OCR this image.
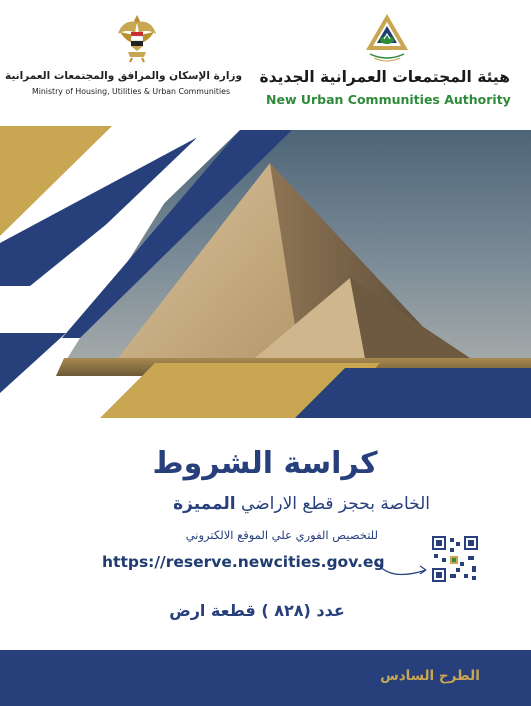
وزارة الإسكان والمرافق والمجتمعات العمرانية
Ministry of Housing, Utilities & Urban Communities
هيئة المجتمعات العمرانية الجديدة
New Urban Communities Authority
كراسة الشروط
الخاصة بحجز قطع الاراضي المميزة
للتخصيص الفوري علي الموقع الالكتروني
https://reserve.newcities.gov.eg
عدد (٨٢٨ ) قطعة ارض
الطرح السادس
